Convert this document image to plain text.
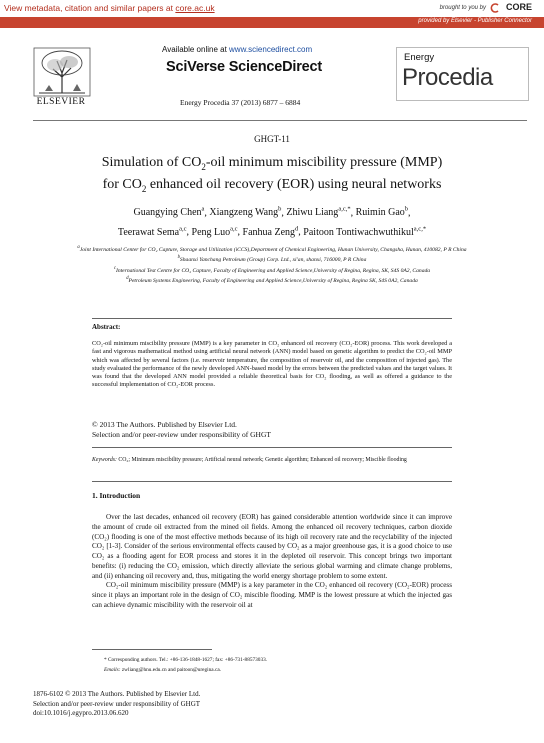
View metadata, citation and similar papers at core.ac.uk	brought to you by CORE
provided by Elsevier - Publisher Connector
ELSEVIER
Available online at www.sciencedirect.com
SciVerse ScienceDirect
Energy Procedia 37 (2013) 6877 – 6884
Energy
Procedia
GHGT-11
Simulation of $CO_2$-oil minimum miscibility pressure (MMP)
for $CO_2$ enhanced oil recovery (EOR) using neural networks
Guangying Chen$^a$, Xiangzeng Wang$^b$, Zhiwu Liang$^{a,c,*}$, Ruimin Gao$^b$,
Teerawat Sema$^{a,c}$, Peng Luo$^{a,c}$, Fanhua Zeng$^d$, Paitoon Tontiwachwuthikul$^{a,c,*}$

$^a$Joint International Center for CO₂ Capture, Storage and Utilization (iCCS),Department of Chemical Engineering, Hunan University, Changsha, Hunan, 410082, P R China

$^b$Shaanxi Yanchang Petroleum (Group) Corp. Ltd., xi'an, shanxi, 716000, P R China

$^c$International Test Centre for CO₂ Capture, Faculty of Engineering and Applied Science,University of Regina, Regina, SK, S4S 0A2, Canada

$^d$Petroleum Systems Engineering, Faculty of Engineering and Applied Science,University of Regina, Regina SK, S4S 0A2, Canada

Abstract:
CO₂-oil minimum miscibility pressure (MMP) is a key parameter in CO₂ enhanced oil recovery (CO₂-EOR) process. This work developed a fast and vigorous mathematical method using artificial neural network (ANN) model based on genetic algorithm to predict the CO₂-oil MMP which was affected by several factors (i.e. reservoir temperature, the composition of reservoir oil, and the composition of injected gas). The study evaluated the performance of the newly developed ANN-based model by the errors between the predicted values and the target values. It was found that the developed ANN model provided a reliable theoretical basis for CO₂ flooding, as well as offered a guidance to the successful implementation of CO₂-EOR process.
© 2013 The Authors. Published by Elsevier Ltd.
Selection and/or peer-review under responsibility of GHGT
Keywords: CO₂; Minimum miscibility pressure; Artificial neural network; Genetic algorithm; Enhanced oil recovery; Miscible flooding
1. Introduction

Over the last decades, enhanced oil recovery (EOR) has gained considerable attention worldwide since it can improve the amount of crude oil extracted from the mined oil fields. Among the enhanced oil recovery techniques, carbon dioxide (CO₂) flooding is one of the most effective methods because of its high oil recovery rate and the recyclability of the injected CO₂ [1-3]. Consider of the serious environmental effects caused by CO₂ as a major greenhouse gas, it is a good choice to use CO₂ as a flooding agent for EOR process and stores it in the depleted oil reservoir. This concept brings two important benefits: (i) reducing the CO₂ emission, which directly alleviate the serious global warming and climate change problems, and (ii) enhancing oil recovery and, thus, mitigating the world energy shortage problem to some extent.

CO₂-oil minimum miscibility pressure (MMP) is a key parameter in the CO₂ enhanced oil recovery (CO₂-EOR) process since it plays an important role in the design of CO₂ miscible flooding. MMP is the lowest pressure at which the injected gas can achieve dynamic miscibility with the reservoir oil at

* Corresponding authors. Tel.: +86-136-1848-1627; fax: +86-731-88573033.
Emails: zwliang@hnu.edu.cn and paitoon@uregina.ca.
1876-6102 © 2013 The Authors. Published by Elsevier Ltd.
Selection and/or peer-review under responsibility of GHGT
doi:10.1016/j.egypro.2013.06.620
